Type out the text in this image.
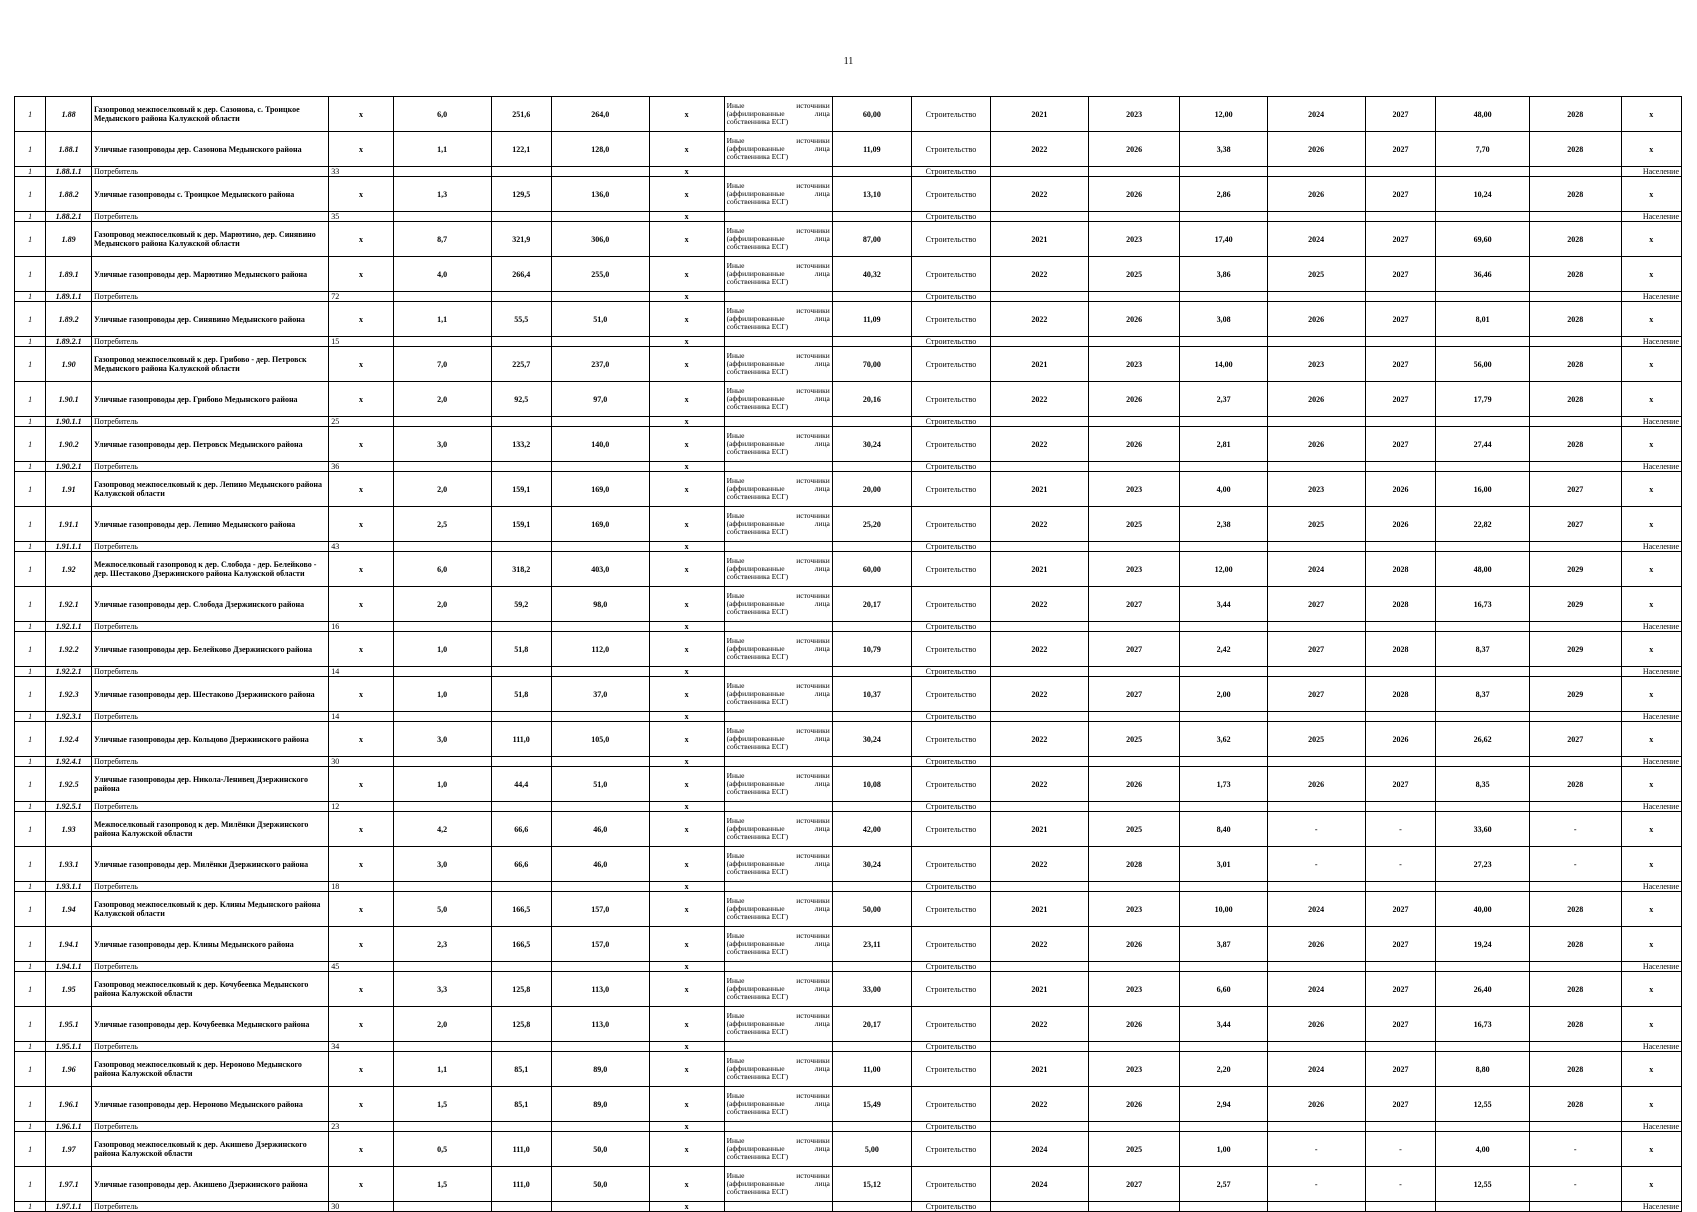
11
1	1.88	Газопровод межпоселковый к дер. Сазонова, с. Троицкое Медынского района Калужской области	x	6,0	251,6	264,0	x	Иные источники (аффилированные лица собственника ЕСГ)	60,00	Строительство	2021	2023	12,00	2024	2027	48,00	2028	x
1	1.88.1	Уличные газопроводы дер. Сазонова Медынского района	x	1,1	122,1	128,0	x	Иные источники (аффилированные лица собственника ЕСГ)	11,09	Строительство	2022	2026	3,38	2026	2027	7,70	2028	x
1	1.88.1.1	Потребитель	33				x			Строительство								Население
1	1.88.2	Уличные газопроводы с. Троицкое Медынского района	x	1,3	129,5	136,0	x	Иные источники (аффилированные лица собственника ЕСГ)	13,10	Строительство	2022	2026	2,86	2026	2027	10,24	2028	x
1	1.88.2.1	Потребитель	35				x			Строительство								Население
1	1.89	Газопровод межпоселковый к дер. Марютино, дер. Синявино Медынского района Калужской области	x	8,7	321,9	306,0	x	Иные источники (аффилированные лица собственника ЕСГ)	87,00	Строительство	2021	2023	17,40	2024	2027	69,60	2028	x
1	1.89.1	Уличные газопроводы дер. Марютино Медынского района	x	4,0	266,4	255,0	x	Иные источники (аффилированные лица собственника ЕСГ)	40,32	Строительство	2022	2025	3,86	2025	2027	36,46	2028	x
1	1.89.1.1	Потребитель	72				x			Строительство								Население
1	1.89.2	Уличные газопроводы дер. Синявино Медынского района	x	1,1	55,5	51,0	x	Иные источники (аффилированные лица собственника ЕСГ)	11,09	Строительство	2022	2026	3,08	2026	2027	8,01	2028	x
1	1.89.2.1	Потребитель	15				x			Строительство								Население
1	1.90	Газопровод межпоселковый к дер. Грибово - дер. Петровск Медынского района Калужской области	x	7,0	225,7	237,0	x	Иные источники (аффилированные лица собственника ЕСГ)	70,00	Строительство	2021	2023	14,00	2023	2027	56,00	2028	x
1	1.90.1	Уличные газопроводы дер. Грибово Медынского района	x	2,0	92,5	97,0	x	Иные источники (аффилированные лица собственника ЕСГ)	20,16	Строительство	2022	2026	2,37	2026	2027	17,79	2028	x
1	1.90.1.1	Потребитель	25				x			Строительство								Население
1	1.90.2	Уличные газопроводы дер. Петровск Медынского района	x	3,0	133,2	140,0	x	Иные источники (аффилированные лица собственника ЕСГ)	30,24	Строительство	2022	2026	2,81	2026	2027	27,44	2028	x
1	1.90.2.1	Потребитель	36				x			Строительство								Население
1	1.91	Газопровод межпоселковый к дер. Лепино Медынского района Калужской области	x	2,0	159,1	169,0	x	Иные источники (аффилированные лица собственника ЕСГ)	20,00	Строительство	2021	2023	4,00	2023	2026	16,00	2027	x
1	1.91.1	Уличные газопроводы дер. Лепино Медынского района	x	2,5	159,1	169,0	x	Иные источники (аффилированные лица собственника ЕСГ)	25,20	Строительство	2022	2025	2,38	2025	2026	22,82	2027	x
1	1.91.1.1	Потребитель	43				x			Строительство								Население
1	1.92	Межпоселковый газопровод к дер. Слобода - дер. Белейково - дер. Шестаково Дзержинского района Калужской области	x	6,0	318,2	403,0	x	Иные источники (аффилированные лица собственника ЕСГ)	60,00	Строительство	2021	2023	12,00	2024	2028	48,00	2029	x
1	1.92.1	Уличные газопроводы дер. Слобода Дзержинского района	x	2,0	59,2	98,0	x	Иные источники (аффилированные лица собственника ЕСГ)	20,17	Строительство	2022	2027	3,44	2027	2028	16,73	2029	x
1	1.92.1.1	Потребитель	16				x			Строительство								Население
1	1.92.2	Уличные газопроводы дер. Белейково Дзержинского района	x	1,0	51,8	112,0	x	Иные источники (аффилированные лица собственника ЕСГ)	10,79	Строительство	2022	2027	2,42	2027	2028	8,37	2029	x
1	1.92.2.1	Потребитель	14				x			Строительство								Население
1	1.92.3	Уличные газопроводы дер. Шестаково Дзержинского района	x	1,0	51,8	37,0	x	Иные источники (аффилированные лица собственника ЕСГ)	10,37	Строительство	2022	2027	2,00	2027	2028	8,37	2029	x
1	1.92.3.1	Потребитель	14				x			Строительство								Население
1	1.92.4	Уличные газопроводы дер. Кольцово Дзержинского района	x	3,0	111,0	105,0	x	Иные источники (аффилированные лица собственника ЕСГ)	30,24	Строительство	2022	2025	3,62	2025	2026	26,62	2027	x
1	1.92.4.1	Потребитель	30				x			Строительство								Население
1	1.92.5	Уличные газопроводы дер. Никола-Ленивец Дзержинского района	x	1,0	44,4	51,0	x	Иные источники (аффилированные лица собственника ЕСГ)	10,08	Строительство	2022	2026	1,73	2026	2027	8,35	2028	x
1	1.92.5.1	Потребитель	12				x			Строительство								Население
1	1.93	Межпоселковый газопровод к дер. Милёнки Дзержинского района Калужской области	x	4,2	66,6	46,0	x	Иные источники (аффилированные лица собственника ЕСГ)	42,00	Строительство	2021	2025	8,40	-	-	33,60	-	x
1	1.93.1	Уличные газопроводы дер. Милёнки Дзержинского района	x	3,0	66,6	46,0	x	Иные источники (аффилированные лица собственника ЕСГ)	30,24	Строительство	2022	2028	3,01	-	-	27,23	-	x
1	1.93.1.1	Потребитель	18				x			Строительство								Население
1	1.94	Газопровод межпоселковый к дер. Клины Медынского района Калужской области	x	5,0	166,5	157,0	x	Иные источники (аффилированные лица собственника ЕСГ)	50,00	Строительство	2021	2023	10,00	2024	2027	40,00	2028	x
1	1.94.1	Уличные газопроводы дер. Клины Медынского района	x	2,3	166,5	157,0	x	Иные источники (аффилированные лица собственника ЕСГ)	23,11	Строительство	2022	2026	3,87	2026	2027	19,24	2028	x
1	1.94.1.1	Потребитель	45				x			Строительство								Население
1	1.95	Газопровод межпоселковый к дер. Кочубеевка Медынского района Калужской области	x	3,3	125,8	113,0	x	Иные источники (аффилированные лица собственника ЕСГ)	33,00	Строительство	2021	2023	6,60	2024	2027	26,40	2028	x
1	1.95.1	Уличные газопроводы дер. Кочубеевка Медынского района	x	2,0	125,8	113,0	x	Иные источники (аффилированные лица собственника ЕСГ)	20,17	Строительство	2022	2026	3,44	2026	2027	16,73	2028	x
1	1.95.1.1	Потребитель	34				x			Строительство								Население
1	1.96	Газопровод межпоселковый к дер. Нероново Медынского района Калужской области	x	1,1	85,1	89,0	x	Иные источники (аффилированные лица собственника ЕСГ)	11,00	Строительство	2021	2023	2,20	2024	2027	8,80	2028	x
1	1.96.1	Уличные газопроводы дер. Нероново Медынского района	x	1,5	85,1	89,0	x	Иные источники (аффилированные лица собственника ЕСГ)	15,49	Строительство	2022	2026	2,94	2026	2027	12,55	2028	x
1	1.96.1.1	Потребитель	23				x			Строительство								Население
1	1.97	Газопровод межпоселковый к дер. Акишево Дзержинского района Калужской области	x	0,5	111,0	50,0	x	Иные источники (аффилированные лица собственника ЕСГ)	5,00	Строительство	2024	2025	1,00	-	-	4,00	-	x
1	1.97.1	Уличные газопроводы дер. Акишево Дзержинского района	x	1,5	111,0	50,0	x	Иные источники (аффилированные лица собственника ЕСГ)	15,12	Строительство	2024	2027	2,57	-	-	12,55	-	x
1	1.97.1.1	Потребитель	30				x			Строительство								Население
